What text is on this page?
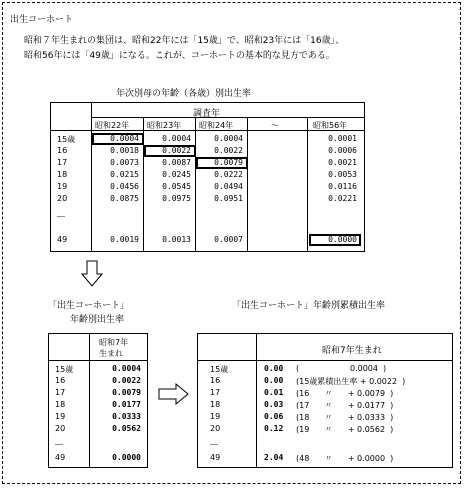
出生コーホート
昭和７年生まれの集団は、昭和22年には「15歳」で、昭和23年には「16歳」、
昭和56年には「49歳」になる。これが、コーホートの基本的な見方である。
年次別母の年齢（各歳）別出生率
調査年
昭和22年 昭和23年 昭和24年	～	昭和56年
15歳	0.0004	0.0004	0.0004	0.0001
16	0.0018	0.0022	0.0022	0.0006
17	0.0073	0.0087	0.0079	0.0021
18	0.0215	0.0245	0.0222	0.0053
19	0.0456	0.0545	0.0494	0.0116
20	0.0875	0.0975	0.0951	0.0221
﹏
49	0.0019	0.0013	0.0007	0.0000
「出生コーホート」
年齢別出生率
昭和7年
生まれ
15歳	0.0004
16	0.0022
17	0.0079
18	0.0177
19	0.0333
20	0.0562
﹏
49	0.0000
「出生コーホート」年齢別累積出生率
昭和7年生まれ
15歳	0.00 (                    0.0004  )
16	0.00 (15歳累積出生率 + 0.0022  )
17	0.01 (16      〃      + 0.0079  )
18	0.03 (17      〃      + 0.0177  )
19	0.06 (18      〃      + 0.0333  )
20	0.12 (19      〃      + 0.0562  )
﹏
49	2.04 (48      〃      + 0.0000  )
